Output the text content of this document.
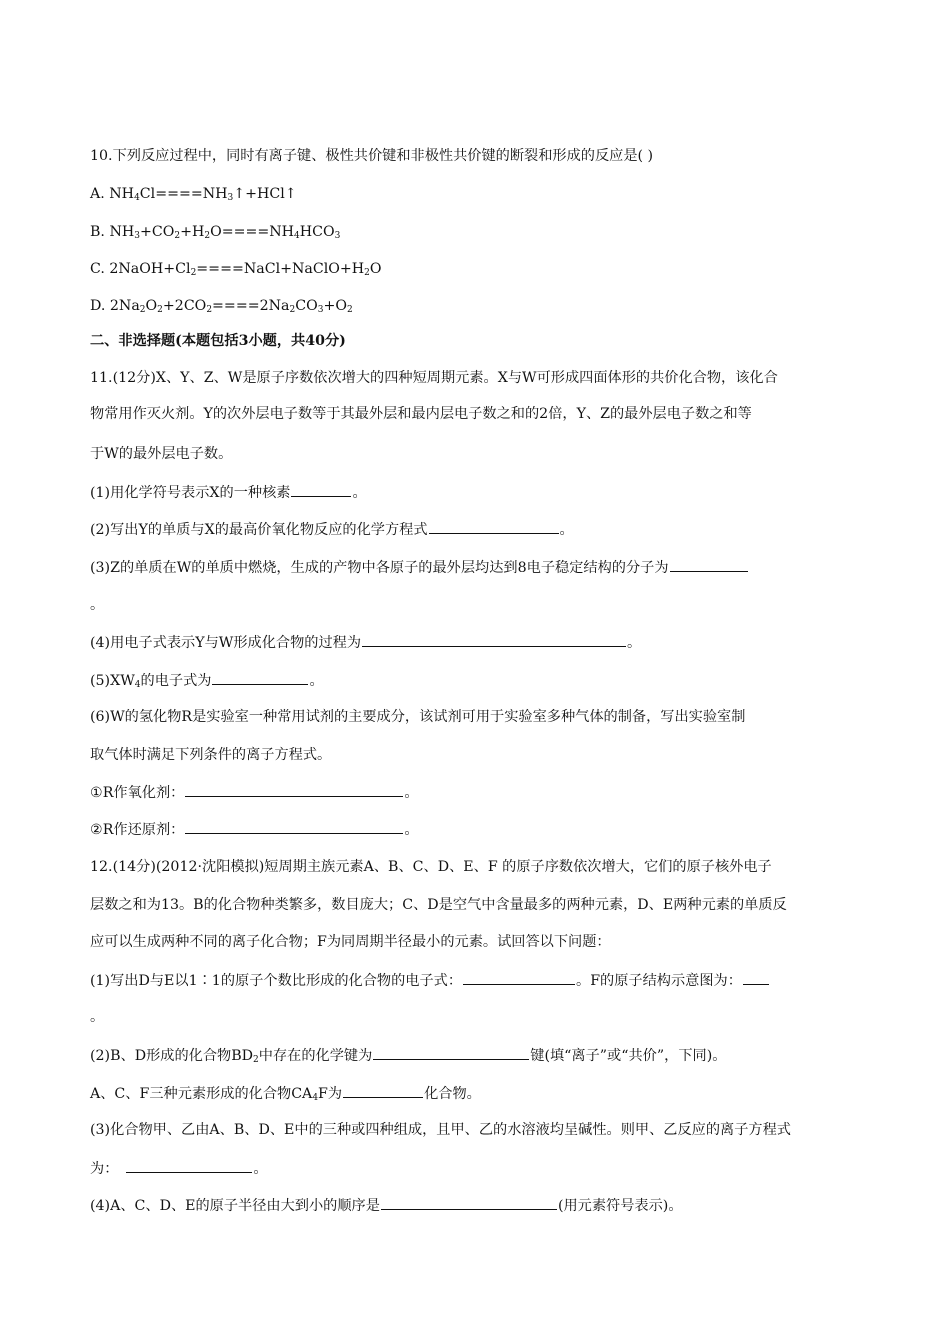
10.下列反应过程中，同时有离子键、极性共价键和非极性共价键的断裂和形成的反应是( )
A. $NH_4Cl====NH_3↑+HCl↑$
B. $NH_3+CO_2+H_2O====NH_4HCO_3$
C. $2NaOH+Cl_2====NaCl+NaClO+H_2O$
D. $2Na_2O_2+2CO_2====2Na_2CO_3+O_2$
二、非选择题(本题包括3小题，共40分)
11.(12分)X、Y、Z、W是原子序数依次增大的四种短周期元素。X与W可形成四面体形的共价化合物，该化合
物常用作灭火剂。Y的次外层电子数等于其最外层和最内层电子数之和的2倍，Y、Z的最外层电子数之和等
于W的最外层电子数。
(1)用化学符号表示X的一种核素	。
(2)写出Y的单质与X的最高价氧化物反应的化学方程式	。
(3)Z的单质在W的单质中燃烧，生成的产物中各原子的最外层均达到8电子稳定结构的分子为
。
(4)用电子式表示Y与W形成化合物的过程为	。
$(5)XW_4$的电子式为	。
(6)W的氢化物R是实验室一种常用试剂的主要成分，该试剂可用于实验室多种气体的制备，写出实验室制
取气体时满足下列条件的离子方程式。
①R作氧化剂：	。
②R作还原剂：	。
12.(14分)(2012·沈阳模拟)短周期主族元素A、B、C、D、E、F 的原子序数依次增大，它们的原子核外电子
层数之和为13。B的化合物种类繁多，数目庞大；C、D是空气中含量最多的两种元素，D、E两种元素的单质反
应可以生成两种不同的离子化合物；F为同周期半径最小的元素。试回答以下问题：
(1)写出D与E以1∶1的原子个数比形成的化合物的电子式：	。F的原子结构示意图为：
。
(2)B、D形成的化合物$BD_2$中存在的化学键为	键(填“离子”或“共价”，下同)。
A、C、F三种元素形成的化合物$CA_4F$为	化合物。
(3)化合物甲、乙由A、B、D、E中的三种或四种组成，且甲、乙的水溶液均呈碱性。则甲、乙反应的离子方程式
为：	。
(4)A、C、D、E的原子半径由大到小的顺序是	(用元素符号表示)。
